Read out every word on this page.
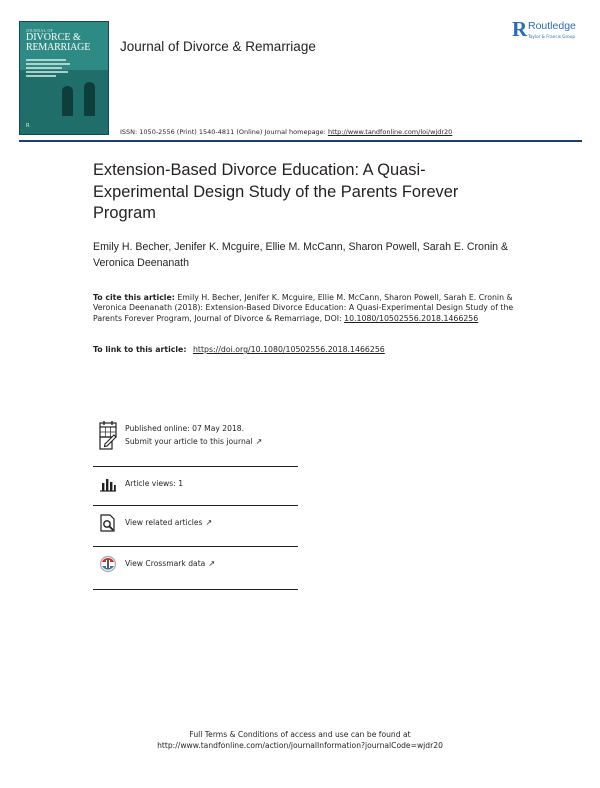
JOURNAL OF
DIVORCE &
REMARRIAGE
R
Journal of Divorce & Remarriage
R Routledge
Taylor & Francis Group
ISSN: 1050-2556 (Print) 1540-4811 (Online) Journal homepage: http://www.tandfonline.com/loi/wjdr20
Extension-Based Divorce Education: A Quasi-Experimental Design Study of the Parents Forever Program
Emily H. Becher, Jenifer K. Mcguire, Ellie M. McCann, Sharon Powell, Sarah E. Cronin & Veronica Deenanath
To cite this article: Emily H. Becher, Jenifer K. Mcguire, Ellie M. McCann, Sharon Powell, Sarah E. Cronin & Veronica Deenanath (2018): Extension-Based Divorce Education: A Quasi-Experimental Design Study of the Parents Forever Program, Journal of Divorce & Remarriage, DOI: 10.1080/10502556.2018.1466256
To link to this article: https://doi.org/10.1080/10502556.2018.1466256
Published online: 07 May 2018.
Submit your article to this journal ↗
Article views: 1
View related articles ↗
View Crossmark data ↗
Full Terms & Conditions of access and use can be found at
http://www.tandfonline.com/action/journalInformation?journalCode=wjdr20
